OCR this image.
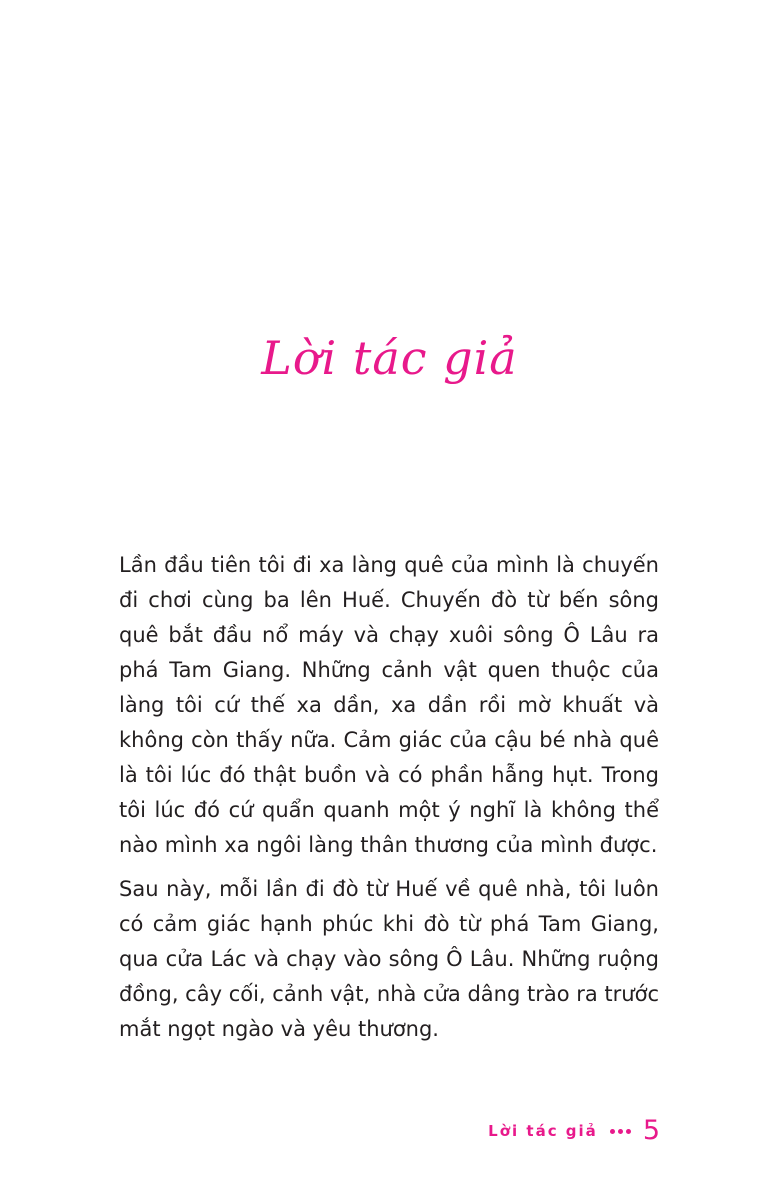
Lời tác giả

Lần đầu tiên tôi đi xa làng quê của mình là chuyến đi chơi cùng ba lên Huế. Chuyến đò từ bến sông quê bắt đầu nổ máy và chạy xuôi sông Ô Lâu ra phá Tam Giang. Những cảnh vật quen thuộc của làng tôi cứ thế xa dần, xa dần rồi mờ khuất và không còn thấy nữa. Cảm giác của cậu bé nhà quê là tôi lúc đó thật buồn và có phần hẫng hụt. Trong tôi lúc đó cứ quẩn quanh một ý nghĩ là không thể nào mình xa ngôi làng thân thương của mình được.

Sau này, mỗi lần đi đò từ Huế về quê nhà, tôi luôn có cảm giác hạnh phúc khi đò từ phá Tam Giang, qua cửa Lác và chạy vào sông Ô Lâu. Những ruộng đồng, cây cối, cảnh vật, nhà cửa dâng trào ra trước mắt ngọt ngào và yêu thương.

Lời tác giả 5
